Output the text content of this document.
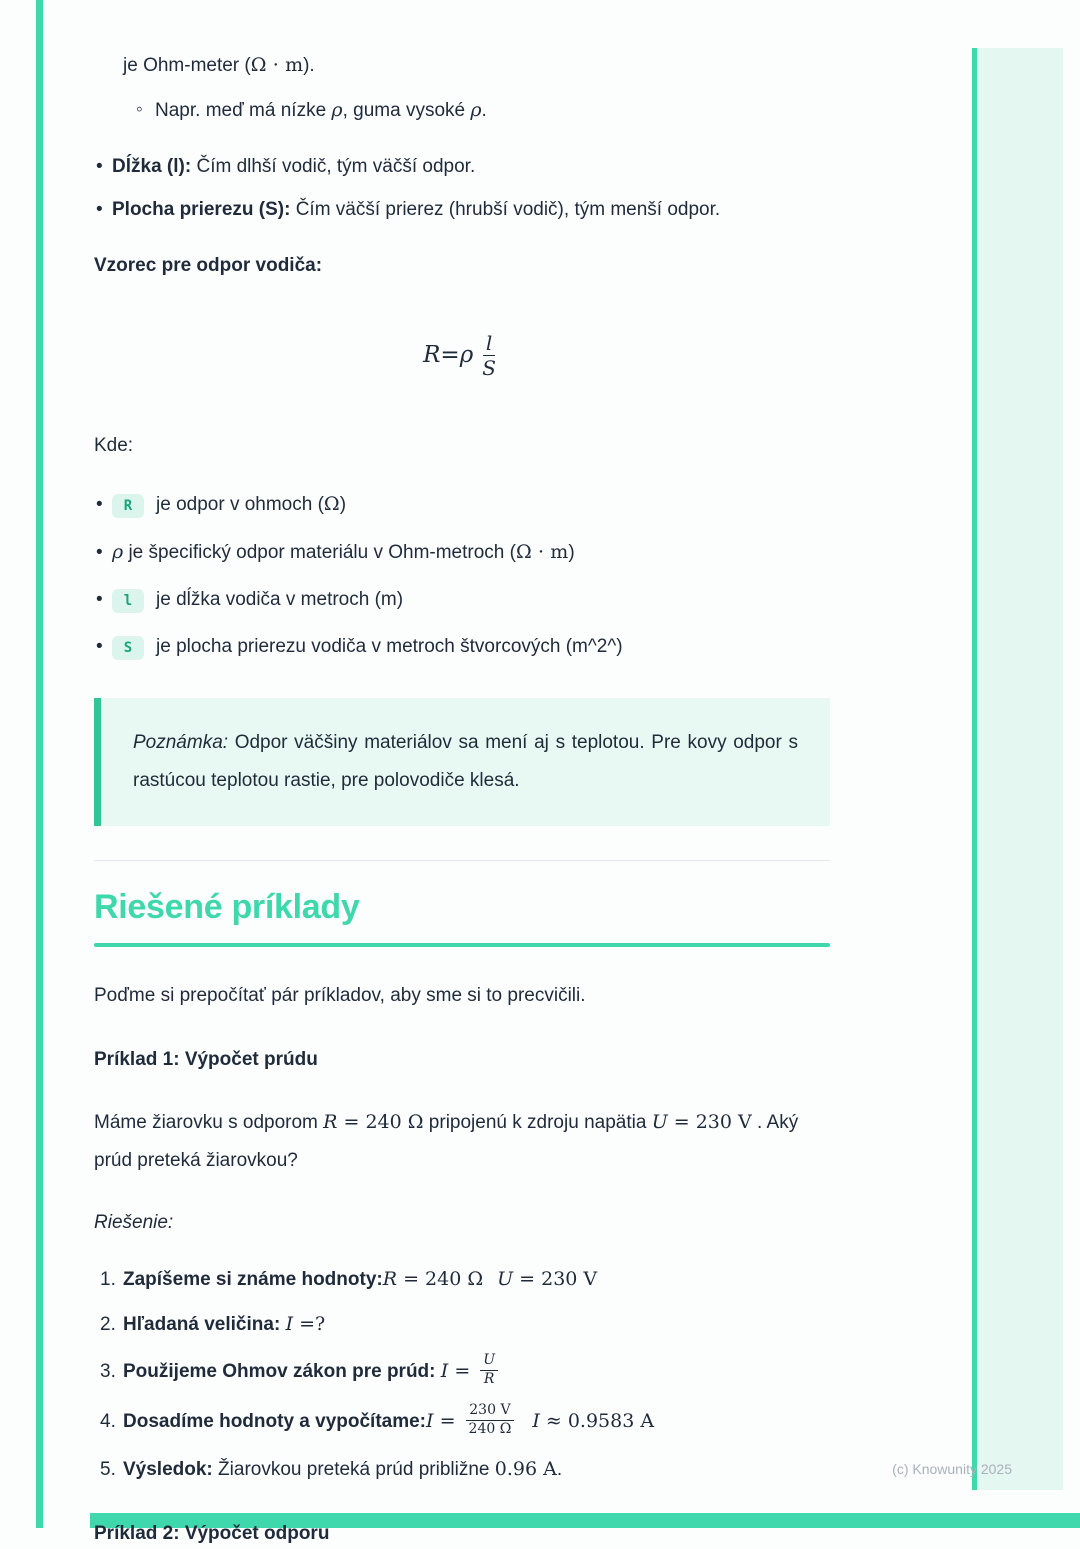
je Ohm-meter (Ω ⋅ m).

◦

Napr. meď má nízke ρ, guma vysoké ρ.

•

Dĺžka (l): Čím dlhší vodič, tým väčší odpor.

•

Plocha prierezu (S): Čím väčší prierez (hrubší vodič), tým menší odpor.

Vzorec pre odpor vodiča:

R = ρ $\frac{l}{S}$

Kde:

•

R je odpor v ohmoch (Ω)

•

ρ je špecifický odpor materiálu v Ohm-metroch (Ω ⋅ m)

•

l je dĺžka vodiča v metroch (m)

•

S je plocha prierezu vodiča v metroch štvorcových (m^2^)

Poznámka: Odpor väčšiny materiálov sa mení aj s teplotou. Pre kovy odpor s rastúcou teplotou rastie, pre polovodiče klesá.
Riešené príklady

Poďme si prepočítať pár príkladov, aby sme si to precvičili.

Príklad 1: Výpočet prúdu

Máme žiarovku s odporom R = 240 Ω pripojenú k zdroju napätia U = 230 V . Aký prúd preteká žiarovkou?

Riešenie:

1. Zapíšeme si známe hodnoty:R = 240 Ω U = 230 V

2. Hľadaná veličina: I =?

3. Použijeme Ohmov zákon pre prúd: $I = \frac{U}{R}$

4. Dosadíme hodnoty a vypočítame:I = $\frac{230 V}{240 \Omega}$ I ≈ 0.9583 A

5. Výsledok: Žiarovkou preteká prúd približne 0.96 A.

Príklad 2: Výpočet odporu

(c) Knowunity 2025
